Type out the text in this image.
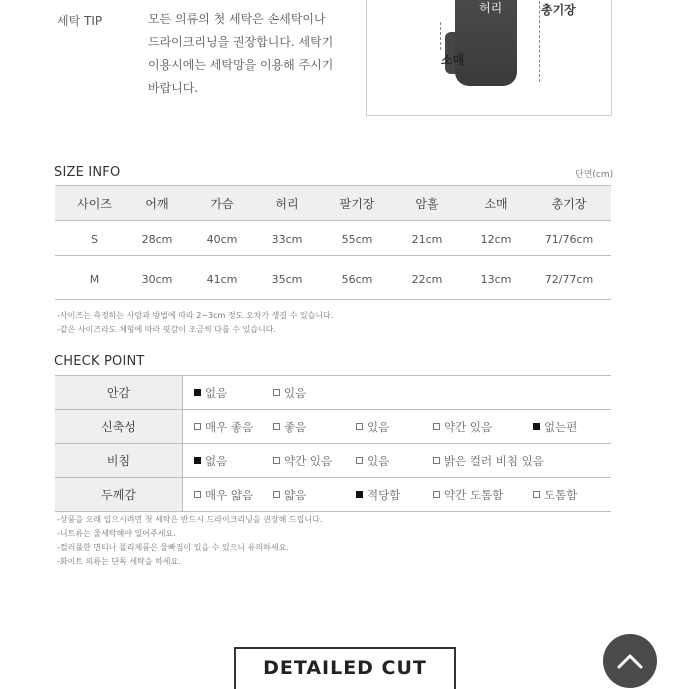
세탁 TIP	모든 의류의 첫 세탁은 손세탁이나
드라이크리닝을 권장합니다. 세탁기
이용시에는 세탁망을 이용해 주시기
바랍니다.
허리	총기장
소매
SIZE INFO	단면(cm)
사이즈	어깨	가슴	허리	팔기장	암홀	소매	총기장
S	28cm	40cm	33cm	55cm	21cm	12cm	71/76cm
M	30cm	41cm	35cm	56cm	22cm	13cm	72/77cm
-사이즈는 측정하는 사람과 방법에 따라 2~3cm 정도 오차가 생길 수 있습니다.
-같은 사이즈라도 체형에 따라 핏감이 조금씩 다를 수 있습니다.
CHECK POINT
안감	없음	있음
신축성	매우 좋음	좋음	있음	약간 있음	없는편
비침	없음	약간 있음	있음	밝은 컬러 비침 있음
두께감	매우 얇음	얇음	적당함	약간 도톰함	도톰함
-상품을 오래 입으시려면 첫 세탁은 반드시 드라이크리닝을 권장해 드립니다.
-니트류는 울세탁해야 일어주세요.
-컬러풀한 면티나 폴리제품은 물빠짐이 있을 수 있으니 유의하세요.
-화이트 의류는 단독 세탁을 하세요.
DETAILED CUT
